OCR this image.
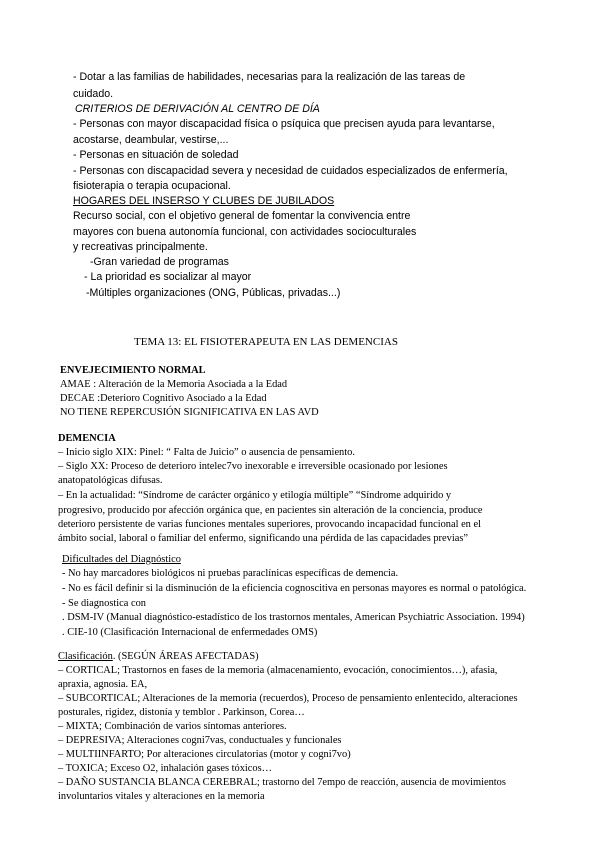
- Dotar a las familias de habilidades, necesarias para la realización de las tareas de
cuidado.
CRITERIOS DE DERIVACIÓN AL CENTRO DE DÍA
- Personas con mayor discapacidad física o psíquica que precisen ayuda para levantarse,
acostarse, deambular, vestirse,...
- Personas en situación de soledad
- Personas con discapacidad severa y necesidad de cuidados especializados de enfermería,
fisioterapia o terapia ocupacional.
HOGARES DEL INSERSO Y CLUBES DE JUBILADOS
Recurso social, con el objetivo general de fomentar la convivencia entre
mayores con buena autonomía funcional, con actividades socioculturales
y recreativas principalmente.
-Gran variedad de programas
- La prioridad es socializar al mayor
-Múltiples organizaciones (ONG, Públicas, privadas...)
TEMA 13: EL FISIOTERAPEUTA EN LAS DEMENCIAS
ENVEJECIMIENTO NORMAL
AMAE : Alteración de la Memoria Asociada a la Edad
DECAE :Deterioro Cognitivo Asociado a la Edad
NO TIENE REPERCUSIÓN SIGNIFICATIVA EN LAS AVD
DEMENCIA
– Inicio siglo XIX: Pinel: “ Falta de Juicio” o ausencia de pensamiento.
– Siglo XX: Proceso de deterioro intelec7vo inexorable e irreversible ocasionado por lesiones
anatopatológicas difusas.
– En la actualidad: “Síndrome de carácter orgánico y etilogía múltiple” “Síndrome adquirido y
progresivo, producido por afección orgánica que, en pacientes sin alteración de la conciencia, produce
deterioro persistente de varias funciones mentales superiores, provocando incapacidad funcional en el
ámbito social, laboral o familiar del enfermo, significando una pérdida de las capacidades previas”
Dificultades del Diagnóstico
- No hay marcadores biológicos ni pruebas paraclínicas específicas de demencia.
- No es fácil definir si la disminución de la eficiencia cognoscitiva en personas mayores es normal o patológica.
- Se diagnostica con
. DSM-IV (Manual diagnóstico-estadístico de los trastornos mentales, American Psychiatric Association. 1994)
. CIE-10 (Clasificación Internacional de enfermedades OMS)
Clasificación. (SEGÚN ÁREAS AFECTADAS)
– CORTICAL; Trastornos en fases de la memoria (almacenamiento, evocación, conocimientos…), afasia,
apraxia, agnosia. EA,
– SUBCORTICAL; Alteraciones de la memoria (recuerdos), Proceso de pensamiento enlentecido, alteraciones
posturales, rigidez, distonía y temblor . Parkinson, Corea…
– MIXTA; Combinación de varios síntomas anteriores.
– DEPRESIVA; Alteraciones cogni7vas, conductuales y funcionales
– MULTIINFARTO; Por alteraciones circulatorias (motor y cogni7vo)
– TOXICA; Exceso O2, inhalación gases tóxicos…
– DAÑO SUSTANCIA BLANCA CEREBRAL; trastorno del 7empo de reacción, ausencia de movimientos
involuntarios vitales y alteraciones en la memoria
